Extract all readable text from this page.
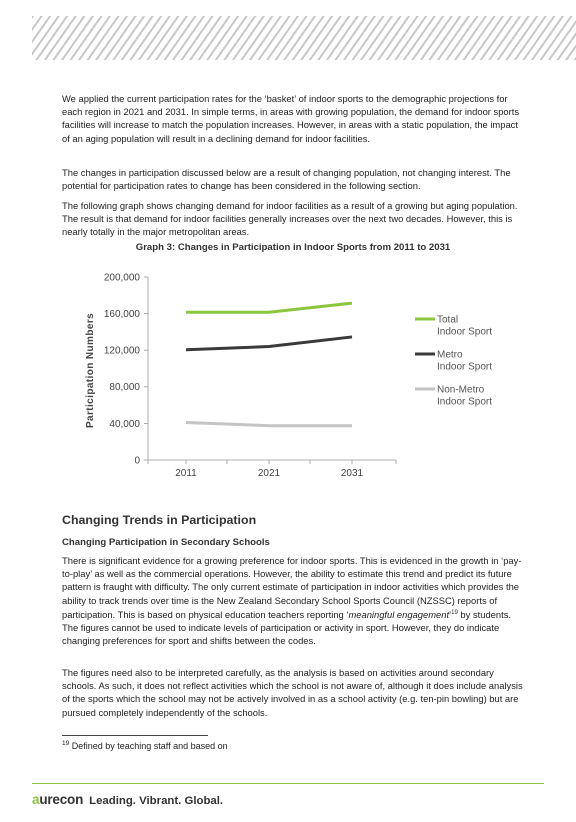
We applied the current participation rates for the ‘basket’ of indoor sports to the demographic projections for each region in 2021 and 2031. In simple terms, in areas with growing population, the demand for indoor sports facilities will increase to match the population increases. However, in areas with a static population, the impact of an aging population will result in a declining demand for indoor facilities.

The changes in participation discussed below are a result of changing population, not changing interest. The potential for participation rates to change has been considered in the following section.

The following graph shows changing demand for indoor facilities as a result of a growing but aging population. The result is that demand for indoor facilities generally increases over the next two decades. However, this is nearly totally in the major metropolitan areas.

Graph 3: Changes in Participation in Indoor Sports from 2011 to 2031
0
40,000
80,000
120,000
160,000
200,000
2011	2021	2031
Participation Numbers	Total Indoor Sport
Metro Indoor Sport
Non-Metro Indoor Sport
Changing Trends in Participation
Changing Participation in Secondary Schools

There is significant evidence for a growing preference for indoor sports. This is evidenced in the growth in ‘pay-to-play’ as well as the commercial operations. However, the ability to estimate this trend and predict its future pattern is fraught with difficulty. The only current estimate of participation in indoor activities which provides the ability to track trends over time is the New Zealand Secondary School Sports Council (NZSSC) reports of participation. This is based on physical education teachers reporting ‘meaningful engagement’$^{19}$ by students. The figures cannot be used to indicate levels of participation or activity in sport. However, they do indicate changing preferences for sport and shifts between the codes.

The figures need also to be interpreted carefully, as the analysis is based on activities around secondary schools. As such, it does not reflect activities which the school is not aware of, although it does include analysis of the sports which the school may not be actively involved in as a school activity (e.g. ten-pin bowling) but are pursued completely independently of the schools.

$^{19}$ Defined by teaching staff and based on
aurecon Leading. Vibrant. Global.
